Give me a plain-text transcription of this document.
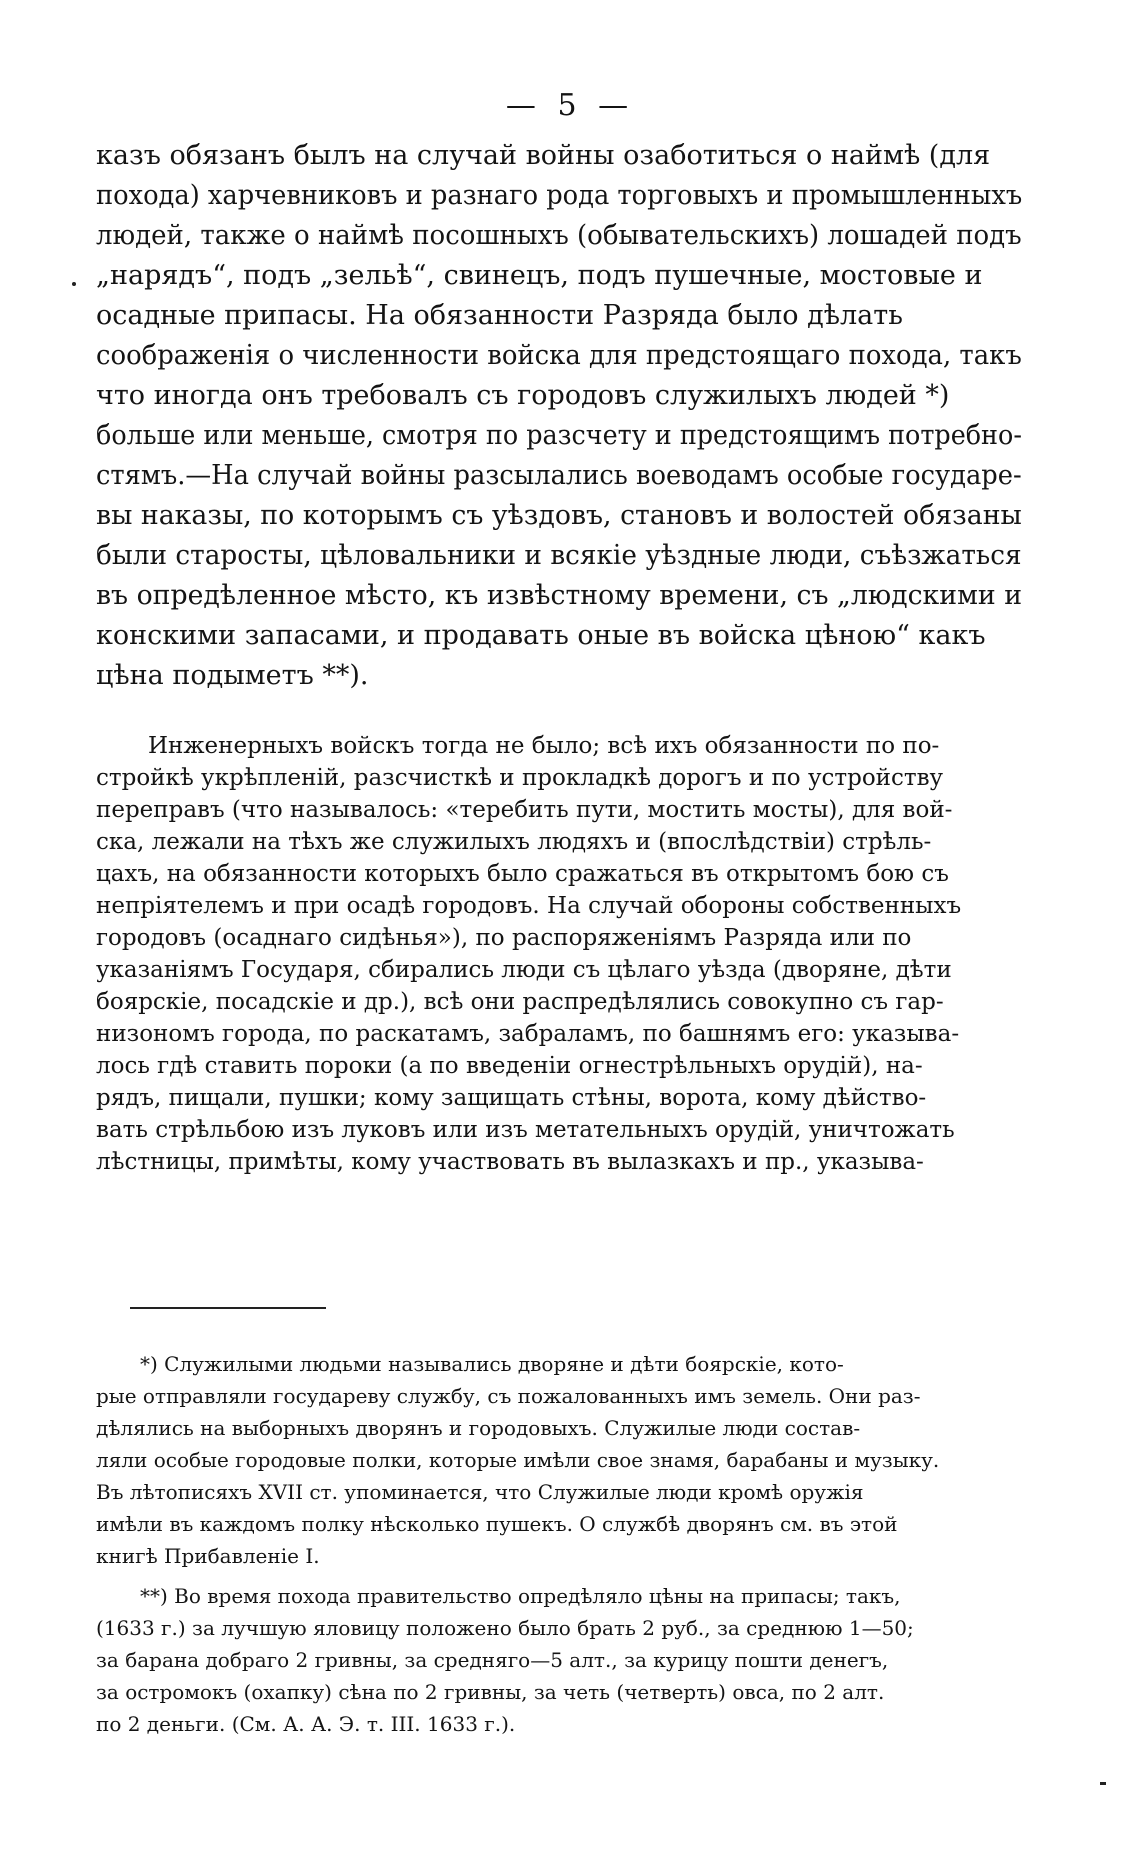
— 5 —
казъ обязанъ былъ на случай войны озаботиться о наймѣ (для
похода) харчевниковъ и разнаго рода торговыхъ и промышленныхъ
людей, также о наймѣ посошныхъ (обывательскихъ) лошадей подъ
„нарядъ“, подъ „зельѣ“, свинецъ, подъ пушечные, мостовые и
осадные припасы. На обязанности Разряда было дѣлать
соображенія о численности войска для предстоящаго похода, такъ
что иногда онъ требовалъ съ городовъ служилыхъ людей *)
больше или меньше, смотря по разсчету и предстоящимъ потребно-
стямъ.—На случай войны разсылались воеводамъ особые государе-
вы наказы, по которымъ съ уѣздовъ, становъ и волостей обязаны
были старосты, цѣловальники и всякіе уѣздные люди, съѣзжаться
въ опредѣленное мѣсто, къ извѣстному времени, съ „людскими и
конскими запасами, и продавать оные въ войска цѣною“ какъ
цѣна подыметъ **).
Инженерныхъ войскъ тогда не было; всѣ ихъ обязанности по по-
стройкѣ укрѣпленій, разсчисткѣ и прокладкѣ дорогъ и по устройству
переправъ (что называлось: «теребить пути, мостить мосты), для вой-
ска, лежали на тѣхъ же служилыхъ людяхъ и (впослѣдствіи) стрѣль-
цахъ, на обязанности которыхъ было сражаться въ открытомъ бою съ
непріятелемъ и при осадѣ городовъ. На случай обороны собственныхъ
городовъ (осаднаго сидѣнья»), по распоряженіямъ Разряда или по
указаніямъ Государя, сбирались люди съ цѣлаго уѣзда (дворяне, дѣти
боярскіе, посадскіе и др.), всѣ они распредѣлялись совокупно съ гар-
низономъ города, по раскатамъ, забраламъ, по башнямъ его: указыва-
лось гдѣ ставить пороки (а по введеніи огнестрѣльныхъ орудій), на-
рядъ, пищали, пушки; кому защищать стѣны, ворота, кому дѣйство-
вать стрѣльбою изъ луковъ или изъ метательныхъ орудій, уничтожать
лѣстницы, примѣты, кому участвовать въ вылазкахъ и пр., указыва-
*) Служилыми людьми назывались дворяне и дѣти боярскіе, кото-
рые отправляли государеву службу, съ пожалованныхъ имъ земель. Они раз-
дѣлялись на выборныхъ дворянъ и городовыхъ. Служилые люди состав-
ляли особые городовые полки, которые имѣли свое знамя, барабаны и музыку.
Въ лѣтописяхъ XVII ст. упоминается, что Служилые люди кромѣ оружія
имѣли въ каждомъ полку нѣсколько пушекъ. О службѣ дворянъ см. въ этой
книгѣ Прибавленіе I.
**) Во время похода правительство опредѣляло цѣны на припасы; такъ,
(1633 г.) за лучшую яловицу положено было брать 2 руб., за среднюю 1—50;
за барана добраго 2 гривны, за средняго—5 алт., за курицу пошти денегъ,
за остромокъ (охапку) сѣна по 2 гривны, за четь (четверть) овса, по 2 алт.
по 2 деньги. (См. А. А. Э. т. III. 1633 г.).
